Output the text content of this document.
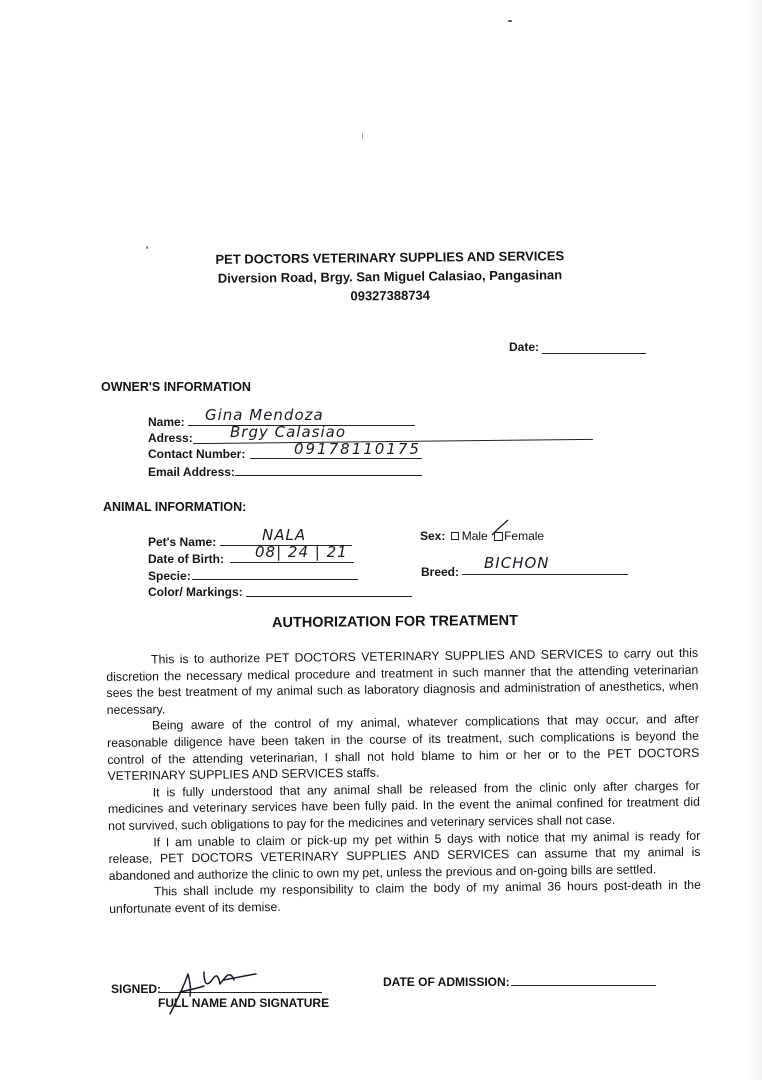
PET DOCTORS VETERINARY SUPPLIES AND SERVICES
Diversion Road, Brgy. San Miguel Calasiao, Pangasinan
09327388734
Date:
OWNER'S INFORMATION
Name: Gina Mendoza
Adress: Brgy Calasiao
Contact Number:	09178110175
Email Address:
ANIMAL INFORMATION:
Pet's Name:	NALA
Date of Birth: 08| 24 | 21
Specie:
Color/ Markings:
Sex: Male Female
Breed: BICHON
AUTHORIZATION FOR TREATMENT

This is to authorize PET DOCTORS VETERINARY SUPPLIES AND SERVICES to carry out this discretion the necessary medical procedure and treatment in such manner that the attending veterinarian sees the best treatment of my animal such as laboratory diagnosis and administration of anesthetics, when necessary.

Being aware of the control of my animal, whatever complications that may occur, and after reasonable diligence have been taken in the course of its treatment, such complications is beyond the control of the attending veterinarian, I shall not hold blame to him or her or to the PET DOCTORS VETERINARY SUPPLIES AND SERVICES staffs.

It is fully understood that any animal shall be released from the clinic only after charges for medicines and veterinary services have been fully paid. In the event the animal confined for treatment did not survived, such obligations to pay for the medicines and veterinary services shall not case.

If I am unable to claim or pick-up my pet within 5 days with notice that my animal is ready for release, PET DOCTORS VETERINARY SUPPLIES AND SERVICES can assume that my animal is abandoned and authorize the clinic to own my pet, unless the previous and on-going bills are settled.

This shall include my responsibility to claim the body of my animal 36 hours post-death in the unfortunate event of its demise.

SIGNED:
FULL NAME AND SIGNATURE
DATE OF ADMISSION:
